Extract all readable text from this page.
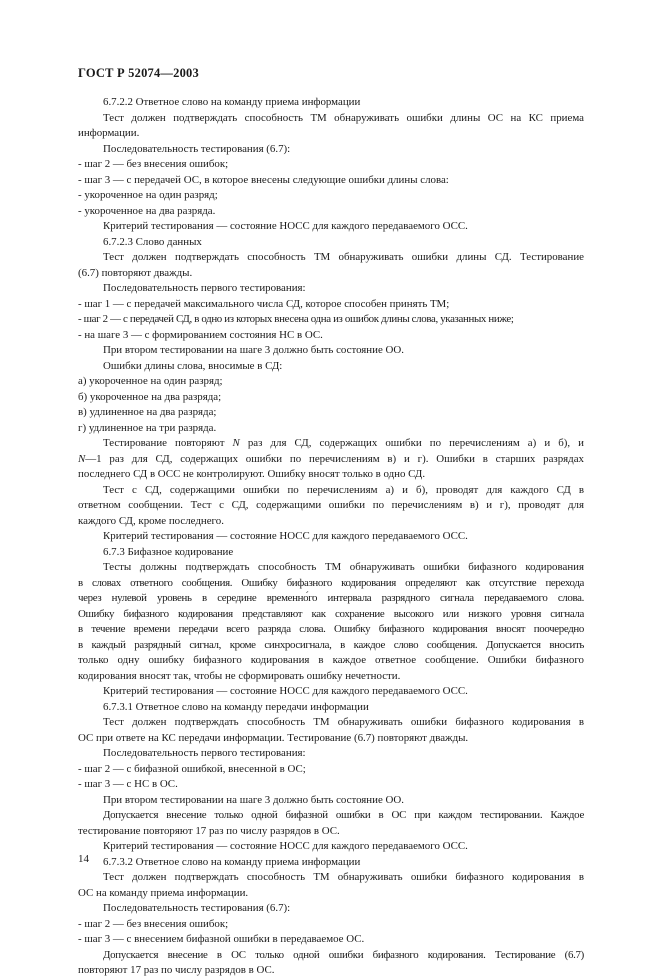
ГОСТ Р 52074—2003
6.7.2.2 Ответное слово на команду приема информации
Тест должен подтверждать способность ТМ обнаруживать ошибки длины ОС на КС приема
информации.
Последовательность тестирования (6.7):
- шаг 2 — без внесения ошибок;
- шаг 3 — с передачей ОС, в которое внесены следующие ошибки длины слова:
- укороченное на один разряд;
- укороченное на два разряда.
Критерий тестирования — состояние НОСС для каждого передаваемого ОСС.
6.7.2.3 Слово данных
Тест должен подтверждать способность ТМ обнаруживать ошибки длины СД. Тестирование
(6.7) повторяют дважды.
Последовательность первого тестирования:
- шаг 1 — с передачей максимального числа СД, которое способен принять ТМ;
- шаг 2 — с передачей СД, в одно из которых внесена одна из ошибок длины слова, указанных ниже;
- на шаге 3 — с формированием состояния НС в ОС.
При втором тестировании на шаге 3 должно быть состояние ОО.
Ошибки длины слова, вносимые в СД:
а) укороченное на один разряд;
б) укороченное на два разряда;
в) удлиненное на два разряда;
г) удлиненное на три разряда.
Тестирование повторяют N раз для СД, содержащих ошибки по перечислениям а) и б), и
N—1 раз для СД, содержащих ошибки по перечислениям в) и г). Ошибки в старших разрядах
последнего СД в ОСС не контролируют. Ошибку вносят только в одно СД.
Тест с СД, содержащими ошибки по перечислениям а) и б), проводят для каждого СД в
ответном сообщении. Тест с СД, содержащими ошибки по перечислениям в) и г), проводят для
каждого СД, кроме последнего.
Критерий тестирования — состояние НОСС для каждого передаваемого ОСС.
6.7.3 Бифазное кодирование
Тесты должны подтверждать способность ТМ обнаруживать ошибки бифазного кодирования
в словах ответного сообщения. Ошибку бифазного кодирования определяют как отсутствие перехода
через нулевой уровень в середине временно́го интервала разрядного сигнала передаваемого слова.
Ошибку бифазного кодирования представляют как сохранение высокого или низкого уровня сигнала
в течение времени передачи всего разряда слова. Ошибку бифазного кодирования вносят поочередно
в каждый разрядный сигнал, кроме синхросигнала, в каждое слово сообщения. Допускается вносить
только одну ошибку бифазного кодирования в каждое ответное сообщение. Ошибки бифазного
кодирования вносят так, чтобы не сформировать ошибку нечетности.
Критерий тестирования — состояние НОСС для каждого передаваемого ОСС.
6.7.3.1 Ответное слово на команду передачи информации
Тест должен подтверждать способность ТМ обнаруживать ошибки бифазного кодирования в
ОС при ответе на КС передачи информации. Тестирование (6.7) повторяют дважды.
Последовательность первого тестирования:
- шаг 2 — с бифазной ошибкой, внесенной в ОС;
- шаг 3 — с НС в ОС.
При втором тестировании на шаге 3 должно быть состояние ОО.
Допускается внесение только одной бифазной ошибки в ОС при каждом тестировании. Каждое
тестирование повторяют 17 раз по числу разрядов в ОС.
Критерий тестирования — состояние НОСС для каждого передаваемого ОСС.
6.7.3.2 Ответное слово на команду приема информации
Тест должен подтверждать способность ТМ обнаруживать ошибки бифазного кодирования в
ОС на команду приема информации.
Последовательность тестирования (6.7):
- шаг 2 — без внесения ошибок;
- шаг 3 — с внесением бифазной ошибки в передаваемое ОС.
Допускается внесение в ОС только одной ошибки бифазного кодирования. Тестирование (6.7)
повторяют 17 раз по числу разрядов в ОС.
14
